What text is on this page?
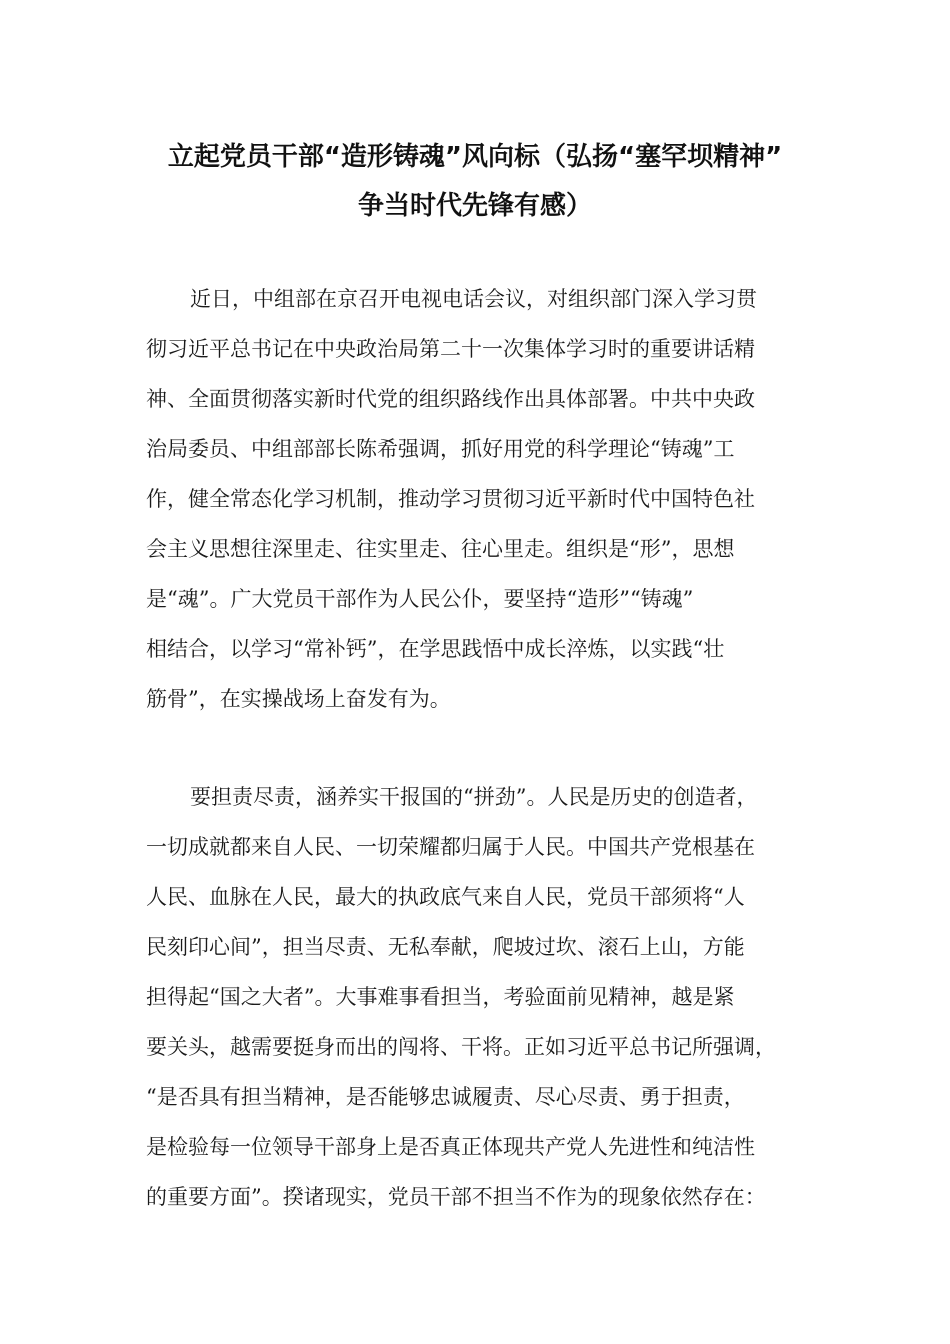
立起党员干部“造形铸魂”风向标（弘扬“塞罕坝精神”
争当时代先锋有感）
近日，中组部在京召开电视电话会议，对组织部门深入学习贯
彻习近平总书记在中央政治局第二十一次集体学习时的重要讲话精
神、全面贯彻落实新时代党的组织路线作出具体部署。中共中央政
治局委员、中组部部长陈希强调，抓好用党的科学理论“铸魂”工
作，健全常态化学习机制，推动学习贯彻习近平新时代中国特色社
会主义思想往深里走、往实里走、往心里走。组织是“形”，思想
是“魂”。广大党员干部作为人民公仆，要坚持“造形”“铸魂”
相结合，以学习“常补钙”，在学思践悟中成长淬炼，以实践“壮
筋骨”，在实操战场上奋发有为。
要担责尽责，涵养实干报国的“拼劲”。人民是历史的创造者，
一切成就都来自人民、一切荣耀都归属于人民。中国共产党根基在
人民、血脉在人民，最大的执政底气来自人民，党员干部须将“人
民刻印心间”，担当尽责、无私奉献，爬坡过坎、滚石上山，方能
担得起“国之大者”。大事难事看担当，考验面前见精神，越是紧
要关头，越需要挺身而出的闯将、干将。正如习近平总书记所强调，
“是否具有担当精神，是否能够忠诚履责、尽心尽责、勇于担责，
是检验每一位领导干部身上是否真正体现共产党人先进性和纯洁性
的重要方面”。揆诸现实，党员干部不担当不作为的现象依然存在：
